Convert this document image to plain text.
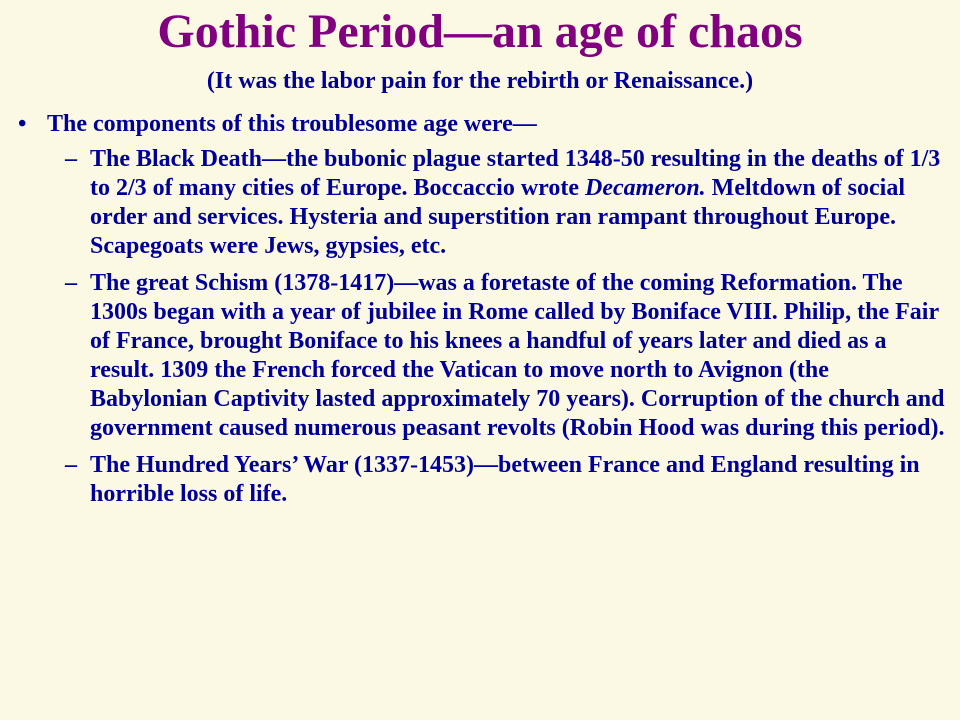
Gothic Period—an age of chaos

(It was the labor pain for the rebirth or Renaissance.)

• The components of this troublesome age were—
– The Black Death—the bubonic plague started 1348-50 resulting in the deaths of 1/3 to 2/3 of many cities of Europe. Boccaccio wrote Decameron. Meltdown of social order and services. Hysteria and superstition ran rampant throughout Europe. Scapegoats were Jews, gypsies, etc.
– The great Schism (1378-1417)—was a foretaste of the coming Reformation. The 1300s began with a year of jubilee in Rome called by Boniface VIII. Philip, the Fair of France, brought Boniface to his knees a handful of years later and died as a result. 1309 the French forced the Vatican to move north to Avignon (the Babylonian Captivity lasted approximately 70 years). Corruption of the church and government caused numerous peasant revolts (Robin Hood was during this period).
– The Hundred Years’ War (1337-1453)—between France and England resulting in horrible loss of life.
